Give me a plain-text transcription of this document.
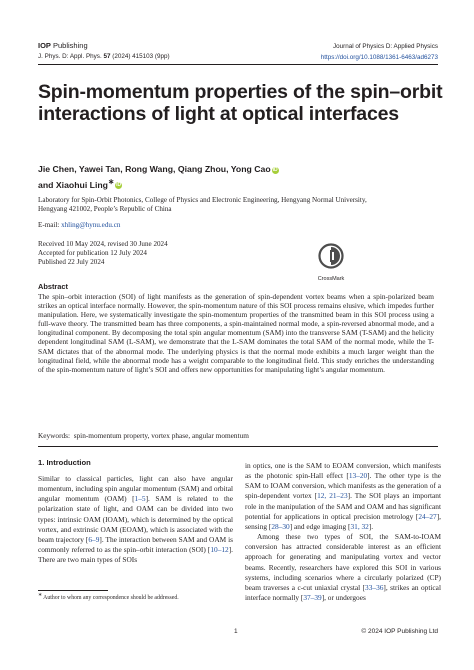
IOP Publishing	Journal of Physics D: Applied Physics
https://doi.org/10.1088/1361-6463/ad6273
J. Phys. D: Appl. Phys. 57 (2024) 415103 (9pp)
Spin-momentum properties of the spin–orbit interactions of light at optical interfaces
Jie Chen, Yawei Tan, Rong Wang, Qiang Zhou, Yong Cao iD
and Xiaohui Ling∗ iD
Laboratory for Spin-Orbit Photonics, College of Physics and Electronic Engineering, Hengyang Normal University, Hengyang 421002, People’s Republic of China
E-mail: xhling@hynu.edu.cn
Received 10 May 2024, revised 30 June 2024
Accepted for publication 12 July 2024
Published 22 July 2024
CrossMark
Abstract
The spin–orbit interaction (SOI) of light manifests as the generation of spin-dependent vortex beams when a spin-polarized beam strikes an optical interface normally. However, the spin-momentum nature of this SOI process remains elusive, which impedes further manipulation. Here, we systematically investigate the spin-momentum properties of the transmitted beam in this SOI process using a full-wave theory. The transmitted beam has three components, a spin-maintained normal mode, a spin-reversed abnormal mode, and a longitudinal component. By decomposing the total spin angular momentum (SAM) into the transverse SAM (T-SAM) and the helicity dependent longitudinal SAM (L-SAM), we demonstrate that the L-SAM dominates the total SAM of the normal mode, while the T-SAM dictates that of the abnormal mode. The underlying physics is that the normal mode exhibits a much larger weight than the longitudinal field, while the abnormal mode has a weight comparable to the longitudinal field. This study enriches the understanding of the spin-momentum nature of light’s SOI and offers new opportunities for manipulating light’s angular momentum.
Keywords: spin-momentum property, vortex phase, angular momentum
1. Introduction

Similar to classical particles, light can also have angular momentum, including spin angular momentum (SAM) and orbital angular momentum (OAM) [1–5]. SAM is related to the polarization state of light, and OAM can be divided into two types: intrinsic OAM (IOAM), which is determined by the optical vortex, and extrinsic OAM (EOAM), which is associated with the beam trajectory [6–9]. The interaction between SAM and OAM is commonly referred to as the spin–orbit interaction (SOI) [10–12]. There are two main types of SOIs

in optics, one is the SAM to EOAM conversion, which manifests as the photonic spin-Hall effect [13–20]. The other type is the SAM to IOAM conversion, which manifests as the generation of a spin-dependent vortex [12, 21–23]. The SOI plays an important role in the manipulation of the SAM and OAM and has significant potential for applications in optical precision metrology [24–27], sensing [28–30] and edge imaging [31, 32].

Among these two types of SOI, the SAM-to-IOAM conversion has attracted considerable interest as an efficient approach for generating and manipulating vortex and vector beams. Recently, researchers have explored this SOI in various systems, including scenarios where a circularly polarized (CP) beam traverses a c-cut uniaxial crystal [33–36], strikes an optical interface normally [37–39], or undergoes

∗ Author to whom any correspondence should be addressed.
1	© 2024 IOP Publishing Ltd
